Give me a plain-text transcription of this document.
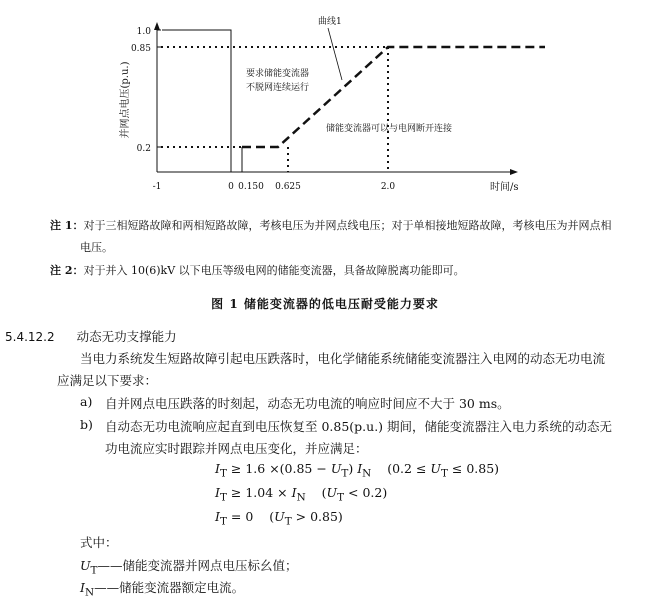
1.0
0.85
0.2
-1	0 0.150 0.625	2.0
并网点电压(p.u.)
时间/s
曲线1
要求储能变流器
不脱网连续运行
储能变流器可以与电网断开连接
注 1：对于三相短路故障和两相短路故障，考核电压为并网点线电压；对于单相接地短路故障，考核电压为并网点相
电压。
注 2：对于并入 10(6)kV 以下电压等级电网的储能变流器，具备故障脱离功能即可。
图 1 储能变流器的低电压耐受能力要求
5.4.12.2 动态无功支撑能力
当电力系统发生短路故障引起电压跌落时，电化学储能系统储能变流器注入电网的动态无功电流
应满足以下要求：
a) 自并网点电压跌落的时刻起，动态无功电流的响应时间应不大于 30 ms。
b) 自动态无功电流响应起直到电压恢复至 0.85(p.u.) 期间，储能变流器注入电力系统的动态无
功电流应实时跟踪并网点电压变化，并应满足：
$I_T \ge 1.6 \times(0.85 - U_T)$ $I_N$ $(0.2 \le U_T \le 0.85)$
$I_T \ge 1.04 \times I_N$ $(U_T < 0.2)$
$I_T = 0$ $(U_T > 0.85)$
式中：
$U_T——$储能变流器并网点电压标幺值；
$I_N——$储能变流器额定电流。
